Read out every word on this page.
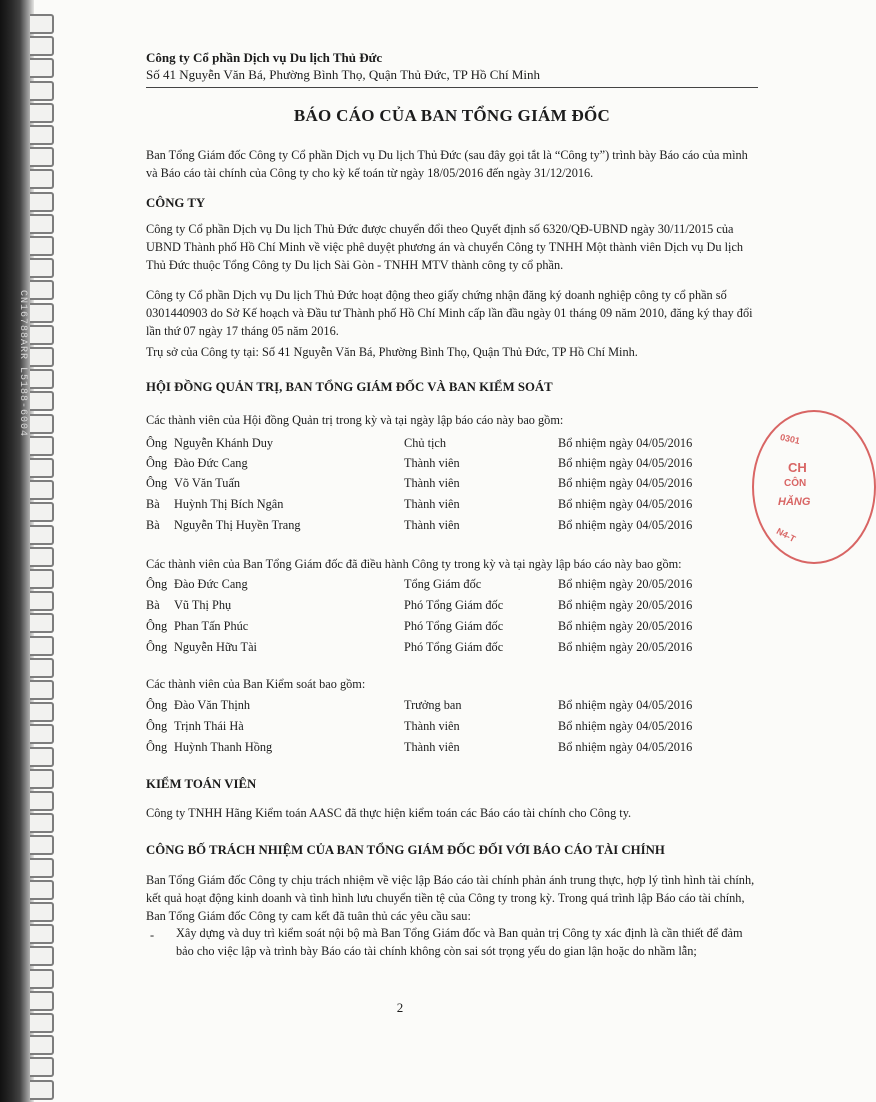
CN16788ARR L5188-6004
0301
CH
CÔN
HĂNG
N4-T
Công ty Cổ phần Dịch vụ Du lịch Thủ Đức
Số 41 Nguyễn Văn Bá, Phường Bình Thọ, Quận Thủ Đức, TP Hồ Chí Minh
BÁO CÁO CỦA BAN TỔNG GIÁM ĐỐC
Ban Tổng Giám đốc Công ty Cổ phần Dịch vụ Du lịch Thủ Đức (sau đây gọi tắt là “Công ty”) trình bày Báo cáo của mình và Báo cáo tài chính của Công ty cho kỳ kế toán từ ngày 18/05/2016 đến ngày 31/12/2016.
CÔNG TY
Công ty Cổ phần Dịch vụ Du lịch Thủ Đức được chuyển đổi theo Quyết định số 6320/QĐ-UBND ngày 30/11/2015 của UBND Thành phố Hồ Chí Minh về việc phê duyệt phương án và chuyển Công ty TNHH Một thành viên Dịch vụ Du lịch Thủ Đức thuộc Tổng Công ty Du lịch Sài Gòn - TNHH MTV thành công ty cổ phần.
Công ty Cổ phần Dịch vụ Du lịch Thủ Đức hoạt động theo giấy chứng nhận đăng ký doanh nghiệp công ty cổ phần số 0301440903 do Sở Kế hoạch và Đầu tư Thành phố Hồ Chí Minh cấp lần đầu ngày 01 tháng 09 năm 2010, đăng ký thay đổi lần thứ 07 ngày 17 tháng 05 năm 2016.
Trụ sở của Công ty tại: Số 41 Nguyễn Văn Bá, Phường Bình Thọ, Quận Thủ Đức, TP Hồ Chí Minh.
HỘI ĐỒNG QUẢN TRỊ, BAN TỔNG GIÁM ĐỐC VÀ BAN KIỂM SOÁT
Các thành viên của Hội đồng Quản trị trong kỳ và tại ngày lập báo cáo này bao gồm:
Ông Nguyễn Khánh Duy	Chủ tịch	Bổ nhiệm ngày 04/05/2016
Ông Đào Đức Cang	Thành viên	Bổ nhiệm ngày 04/05/2016
Ông Võ Văn Tuấn	Thành viên	Bổ nhiệm ngày 04/05/2016
Bà Huỳnh Thị Bích Ngân	Thành viên	Bổ nhiệm ngày 04/05/2016
Bà Nguyễn Thị Huyền Trang	Thành viên	Bổ nhiệm ngày 04/05/2016
Các thành viên của Ban Tổng Giám đốc đã điều hành Công ty trong kỳ và tại ngày lập báo cáo này bao gồm:
Ông Đào Đức Cang	Tổng Giám đốc	Bổ nhiệm ngày 20/05/2016
Bà Vũ Thị Phụ	Phó Tổng Giám đốc	Bổ nhiệm ngày 20/05/2016
Ông Phan Tấn Phúc	Phó Tổng Giám đốc	Bổ nhiệm ngày 20/05/2016
Ông Nguyễn Hữu Tài	Phó Tổng Giám đốc	Bổ nhiệm ngày 20/05/2016
Các thành viên của Ban Kiểm soát bao gồm:
Ông Đào Văn Thịnh	Trưởng ban	Bổ nhiệm ngày 04/05/2016
Ông Trịnh Thái Hà	Thành viên	Bổ nhiệm ngày 04/05/2016
Ông Huỳnh Thanh Hồng	Thành viên	Bổ nhiệm ngày 04/05/2016
KIỂM TOÁN VIÊN
Công ty TNHH Hãng Kiểm toán AASC đã thực hiện kiểm toán các Báo cáo tài chính cho Công ty.
CÔNG BỐ TRÁCH NHIỆM CỦA BAN TỔNG GIÁM ĐỐC ĐỐI VỚI BÁO CÁO TÀI CHÍNH
Ban Tổng Giám đốc Công ty chịu trách nhiệm về việc lập Báo cáo tài chính phản ánh trung thực, hợp lý tình hình tài chính, kết quả hoạt động kinh doanh và tình hình lưu chuyển tiền tệ của Công ty trong kỳ. Trong quá trình lập Báo cáo tài chính, Ban Tổng Giám đốc Công ty cam kết đã tuân thủ các yêu cầu sau:
- Xây dựng và duy trì kiểm soát nội bộ mà Ban Tổng Giám đốc và Ban quản trị Công ty xác định là cần thiết để đảm bảo cho việc lập và trình bày Báo cáo tài chính không còn sai sót trọng yếu do gian lận hoặc do nhầm lẫn;
2
